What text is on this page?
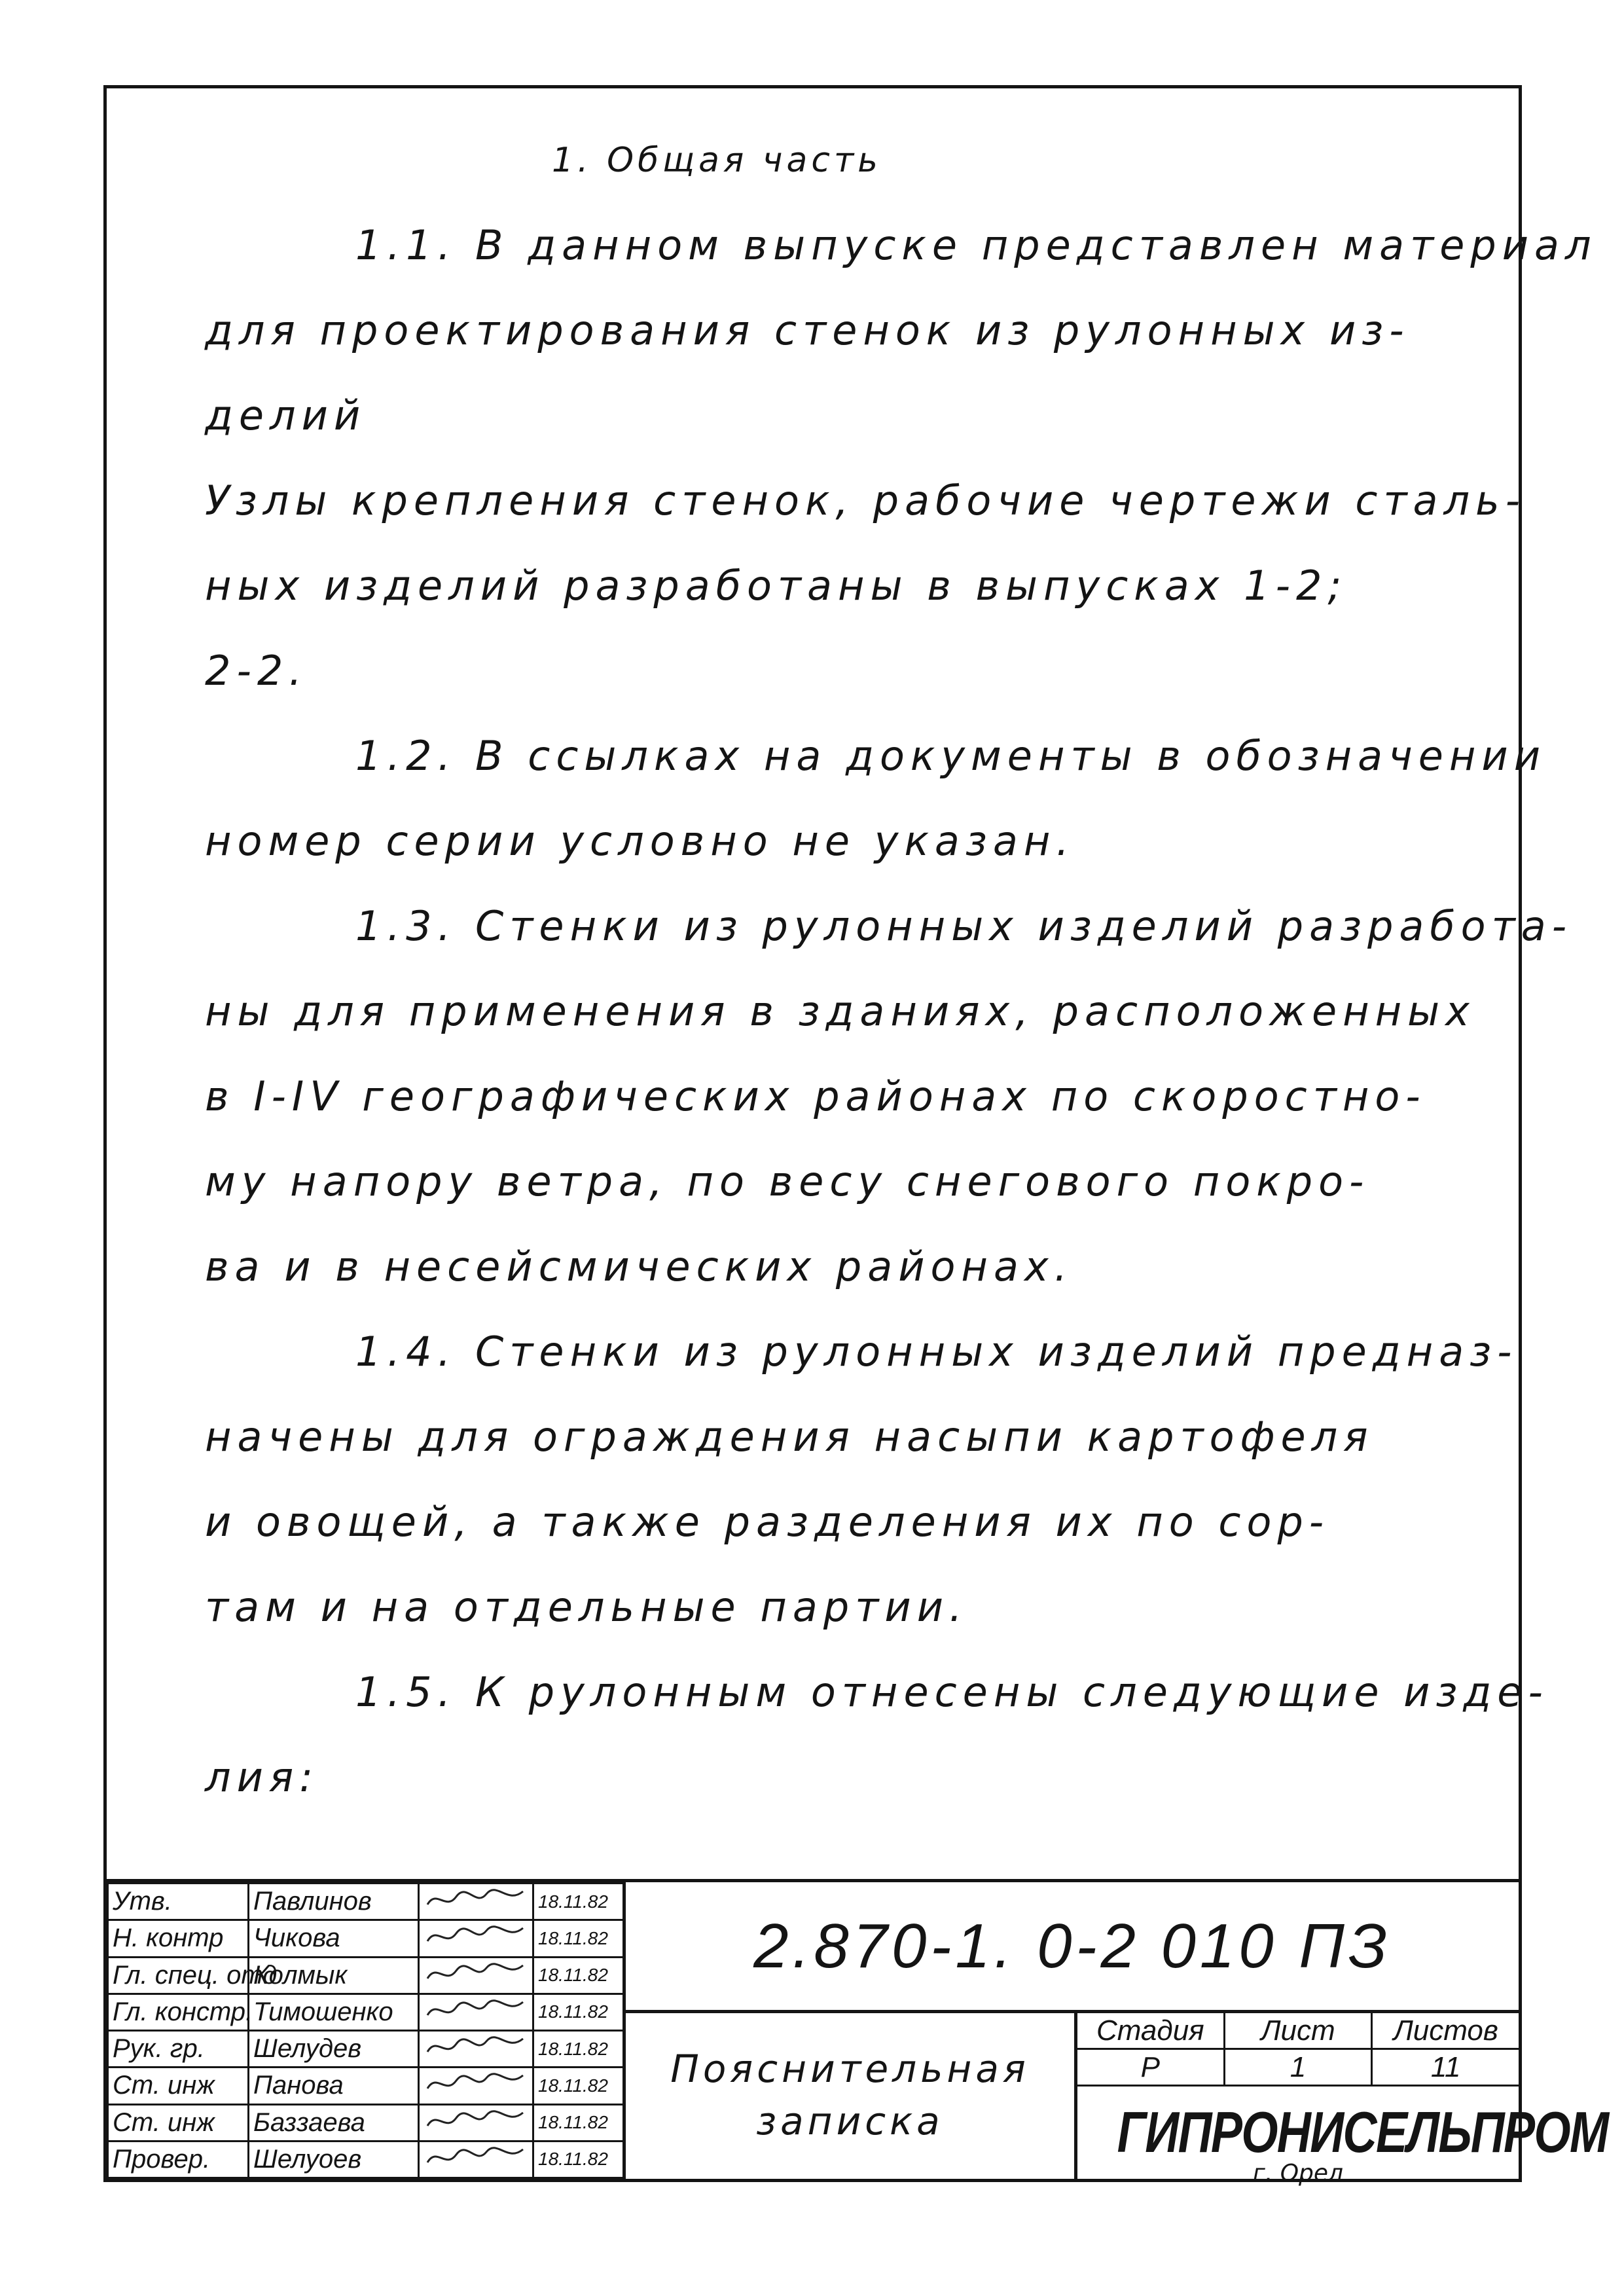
1. Общая часть
1.1. В данном выпуске представлен материал
для проектирования стенок из рулонных из-
делий
Узлы крепления стенок, рабочие чертежи сталь-
ных изделий разработаны в выпусках 1-2;
2-2.
1.2. В ссылках на документы в обозначении
номер серии условно не указан.
1.3. Стенки из рулонных изделий разработа-
ны для применения в зданиях, расположенных
в I-IV географических районах по скоростно-
му напору ветра, по весу снегового покро-
ва и в несейсмических районах.
1.4. Стенки из рулонных изделий предназ-
начены для ограждения насыпи картофеля
и овощей, а также разделения их по сор-
там и на отдельные партии.
1.5. К рулонным отнесены следующие изде-
лия:
Утв.	Павлинов		18.11.82
Н. контр	Чикова		18.11.82
Гл. спец. отд	Колмык		18.11.82
Гл. констр.	Тимошенко		18.11.82
Рук. гр.	Шелудев		18.11.82
Ст. инж	Панова		18.11.82
Ст. инж	Баззаева		18.11.82
Провер.	Шелуоев		18.11.82
2.870-1. 0-2 010 ПЗ
Пояснительная
записка
Стадия	Лист	Листов
Р	1	11
ГИПРОНИСЕЛЬПРОМ
г. Орел
